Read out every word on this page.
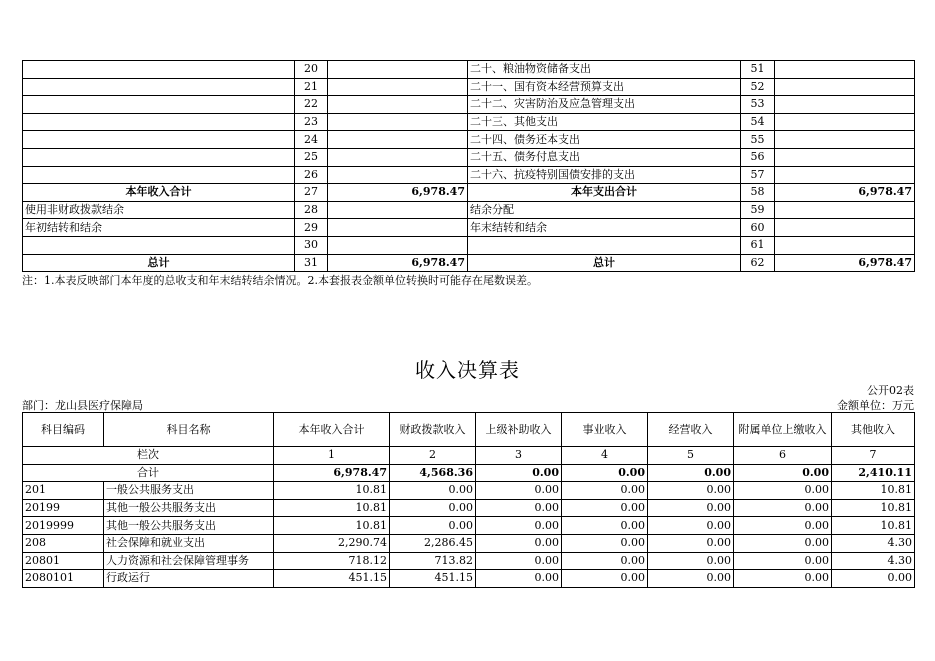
	20		二十、粮油物资储备支出	51	
	21		二十一、国有资本经营预算支出	52	
	22		二十二、灾害防治及应急管理支出	53	
	23		二十三、其他支出	54	
	24		二十四、债务还本支出	55	
	25		二十五、债务付息支出	56	
	26		二十六、抗疫特别国债安排的支出	57	
本年收入合计	27	6,978.47	本年支出合计	58	6,978.47
使用非财政拨款结余	28		结余分配	59	
年初结转和结余	29		年末结转和结余	60	
	30			61	
总计	31	6,978.47	总计	62	6,978.47
注：1.本表反映部门本年度的总收支和年末结转结余情况。2.本套报表金额单位转换时可能存在尾数误差。
收入决算表
公开02表
部门：龙山县医疗保障局	金额单位：万元
科目编码	科目名称	本年收入合计	财政拨款收入	上级补助收入	事业收入	经营收入	附属单位上缴收入	其他收入
栏次		1	2	3	4	5	6	7
合计		6,978.47	4,568.36	0.00	0.00	0.00	0.00	2,410.11
201	一般公共服务支出	10.81	0.00	0.00	0.00	0.00	0.00	10.81
20199	其他一般公共服务支出	10.81	0.00	0.00	0.00	0.00	0.00	10.81
2019999	其他一般公共服务支出	10.81	0.00	0.00	0.00	0.00	0.00	10.81
208	社会保障和就业支出	2,290.74	2,286.45	0.00	0.00	0.00	0.00	4.30
20801	人力资源和社会保障管理事务	718.12	713.82	0.00	0.00	0.00	0.00	4.30
2080101	行政运行	451.15	451.15	0.00	0.00	0.00	0.00	0.00
